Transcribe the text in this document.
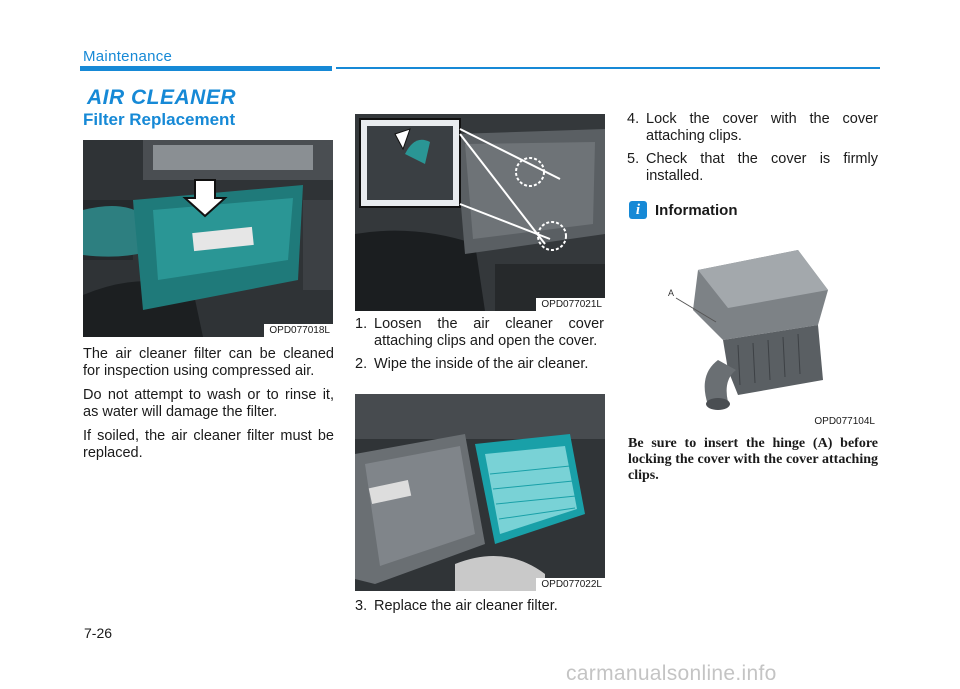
Maintenance
AIR CLEANER
Filter Replacement
OPD077018L

The air cleaner filter can be cleaned for inspection using compressed air.

Do not attempt to wash or to rinse it, as water will damage the filter.

If soiled, the air cleaner filter must be replaced.

OPD077021L
1. Loosen the air cleaner cover attaching clips and open the cover.
2. Wipe the inside of the air cleaner.
OPD077022L
3. Replace the air cleaner filter.
4. Lock the cover with the cover attaching clips.
5. Check that the cover is firmly installed.
i Information
A
OPD077104L
Be sure to insert the hinge (A) before locking the cover with the cover attaching clips.
7-26
carmanualsonline.info
